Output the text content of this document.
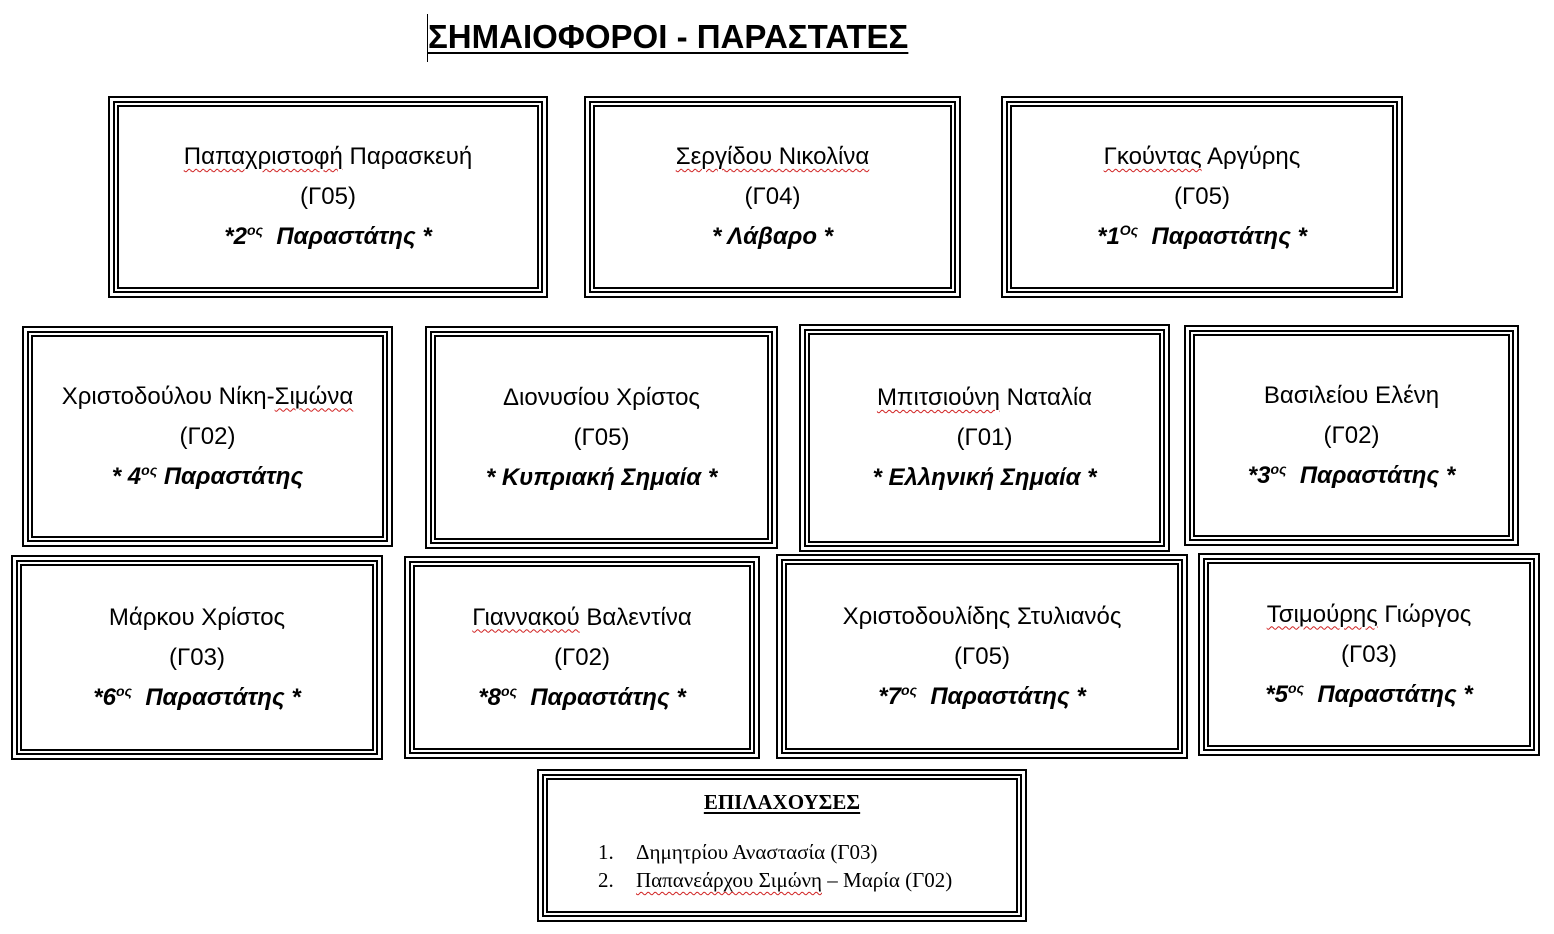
ΣΗΜΑΙΟΦΟΡΟΙ - ΠΑΡΑΣΤΑΤΕΣ
Παπαχριστοφή Παρασκευή
(Γ05)
$*2^{o\varsigma}$  Παραστάτης *
Σεργίδου Νικολίνα
(Γ04)
* Λάβαρο *
Γκούντας Αργύρης
(Γ05)
$*1^{O\varsigma}$  Παραστάτης *
Χριστοδούλου Νίκη-Σιμώνα
(Γ02)
* $4^{o\varsigma}$ Παραστάτης
Διονυσίου Χρίστος
(Γ05)
* Κυπριακή Σημαία *
Μπιτσιούνη Ναταλία
(Γ01)
* Ελληνική Σημαία *
Βασιλείου Ελένη
(Γ02)
$*3^{o\varsigma}$  Παραστάτης *
Μάρκου Χρίστος
(Γ03)
$*6^{o\varsigma}$  Παραστάτης *
Γιαννακού Βαλεντίνα
(Γ02)
$*8^{o\varsigma}$  Παραστάτης *
Χριστοδουλίδης Στυλιανός
(Γ05)
$*7^{o\varsigma}$  Παραστάτης *
Τσιμούρης Γιώργος
(Γ03)
$*5^{o\varsigma}$  Παραστάτης *
ΕΠΙΛΑΧΟΥΣΕΣ
1.	Δημητρίου Αναστασία (Γ03)
2.	Παπανεάρχου Σιμώνη – Μαρία (Γ02)
